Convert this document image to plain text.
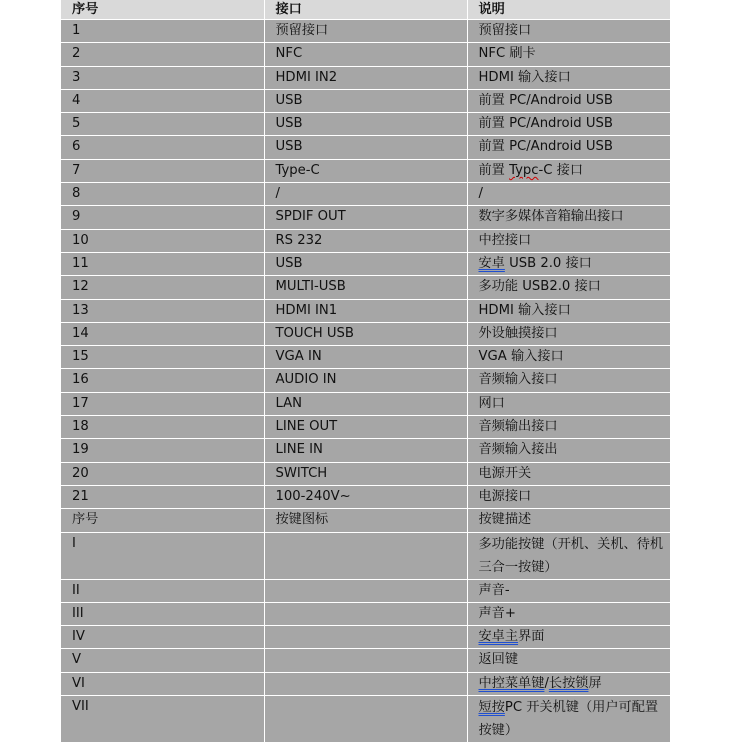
序号	接口	说明
1	预留接口	预留接口
2	NFC	NFC 刷卡
3	HDMI IN2	HDMI 输入接口
4	USB	前置 PC/Android USB
5	USB	前置 PC/Android USB
6	USB	前置 PC/Android USB
7	Type-C	前置 Typc-C 接口
8	/	/
9	SPDIF OUT	数字多媒体音箱输出接口
10	RS 232	中控接口
11	USB	安卓 USB 2.0 接口
12	MULTI-USB	多功能 USB2.0 接口
13	HDMI IN1	HDMI 输入接口
14	TOUCH USB	外设触摸接口
15	VGA IN	VGA 输入接口
16	AUDIO IN	音频输入接口
17	LAN	网口
18	LINE OUT	音频输出接口
19	LINE IN	音频输入接出
20	SWITCH	电源开关
21	100-240V~	电源接口
序号	按键图标	按键描述
I		多功能按键（开机、关机、待机三合一按键）
II		声音-
III		声音+
IV		安卓主界面
V		返回键
VI		中控菜单键/长按锁屏
VII		短按PC 开关机键（用户可配置按键）
